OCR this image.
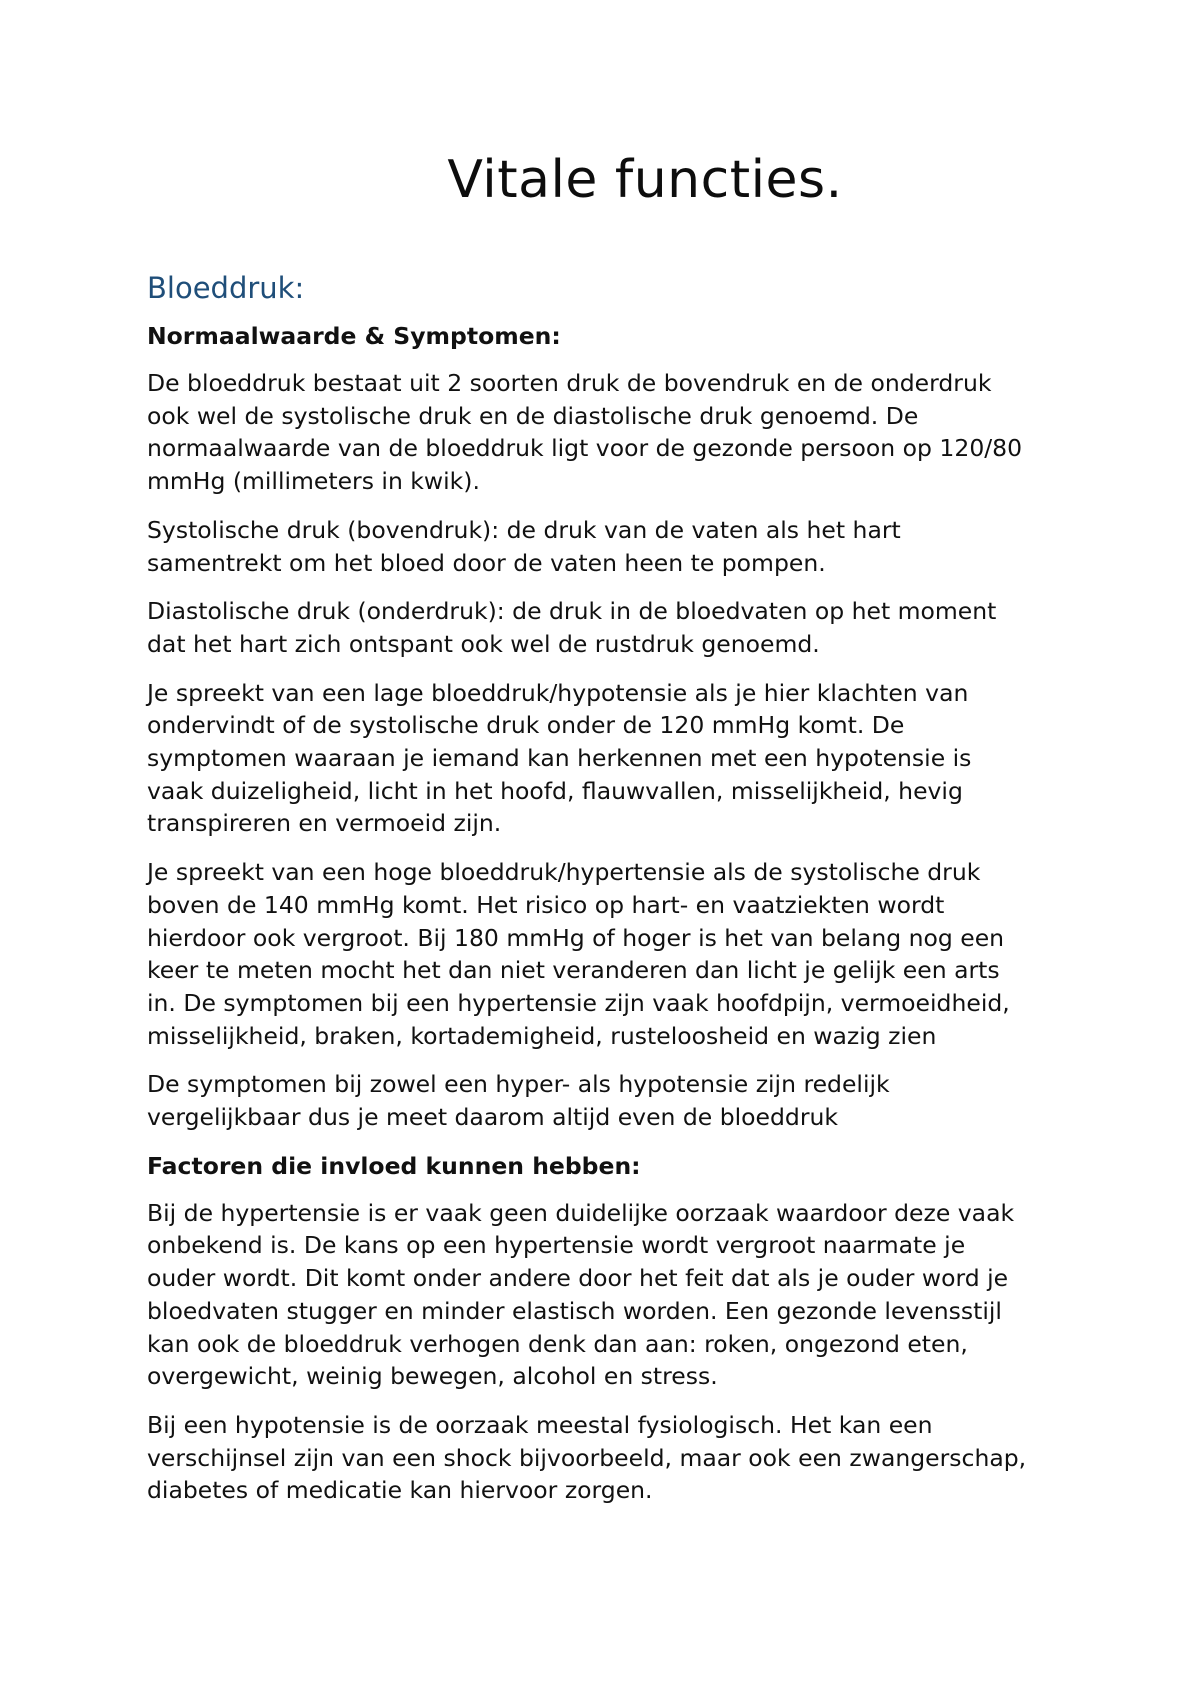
Vitale functies.
Bloeddruk:

Normaalwaarde & Symptomen:

De bloeddruk bestaat uit 2 soorten druk de bovendruk en de onderdruk
ook wel de systolische druk en de diastolische druk genoemd. De
normaalwaarde van de bloeddruk ligt voor de gezonde persoon op 120/80
mmHg (millimeters in kwik).

Systolische druk (bovendruk): de druk van de vaten als het hart
samentrekt om het bloed door de vaten heen te pompen.

Diastolische druk (onderdruk): de druk in de bloedvaten op het moment
dat het hart zich ontspant ook wel de rustdruk genoemd.

Je spreekt van een lage bloeddruk/hypotensie als je hier klachten van
ondervindt of de systolische druk onder de 120 mmHg komt. De
symptomen waaraan je iemand kan herkennen met een hypotensie is
vaak duizeligheid, licht in het hoofd, flauwvallen, misselijkheid, hevig
transpireren en vermoeid zijn.

Je spreekt van een hoge bloeddruk/hypertensie als de systolische druk
boven de 140 mmHg komt. Het risico op hart- en vaatziekten wordt
hierdoor ook vergroot. Bij 180 mmHg of hoger is het van belang nog een
keer te meten mocht het dan niet veranderen dan licht je gelijk een arts
in. De symptomen bij een hypertensie zijn vaak hoofdpijn, vermoeidheid,
misselijkheid, braken, kortademigheid, rusteloosheid en wazig zien

De symptomen bij zowel een hyper- als hypotensie zijn redelijk
vergelijkbaar dus je meet daarom altijd even de bloeddruk

Factoren die invloed kunnen hebben:

Bij de hypertensie is er vaak geen duidelijke oorzaak waardoor deze vaak
onbekend is. De kans op een hypertensie wordt vergroot naarmate je
ouder wordt. Dit komt onder andere door het feit dat als je ouder word je
bloedvaten stugger en minder elastisch worden. Een gezonde levensstijl
kan ook de bloeddruk verhogen denk dan aan: roken, ongezond eten,
overgewicht, weinig bewegen, alcohol en stress.

Bij een hypotensie is de oorzaak meestal fysiologisch. Het kan een
verschijnsel zijn van een shock bijvoorbeeld, maar ook een zwangerschap,
diabetes of medicatie kan hiervoor zorgen.
